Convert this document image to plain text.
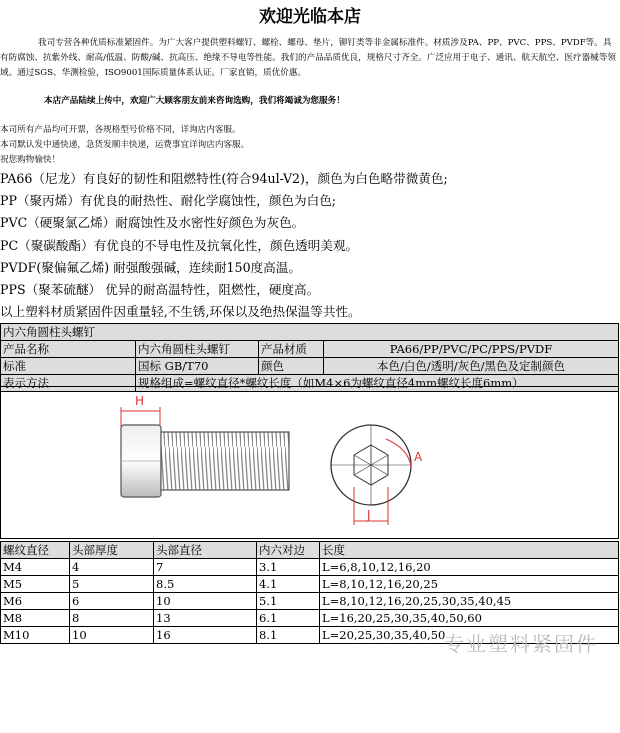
欢迎光临本店
我司专营各种优质标准紧固件。为广大客户提供塑料螺钉、螺栓、螺母、垫片，铆钉类等非金属标准件。材质涉及PA、PP、PVC、PPS、PVDF等。具有防腐蚀、抗紫外线、耐高/低温、防酸/碱、抗高压、绝缘不导电等性能。我们的产品品质优良，规格尺寸齐全。广泛应用于电子、通讯、航天航空、医疗器械等领域。通过SGS、华测检验，ISO9001国际质量体系认证。厂家直销，质优价惠。
本店产品陆续上传中，欢迎广大顾客朋友前来咨询选购，我们将竭诚为您服务！
本司所有产品均可开票，各规格型号价格不同，详询店内客服。
本司默认发中通快递，急货发顺丰快递，运费事宜详询店内客服。
祝您购物愉快！
PA66（尼龙）有良好的韧性和阻燃特性(符合94ul-V2)，颜色为白色略带微黄色;
PP（聚丙烯）有优良的耐热性、耐化学腐蚀性，颜色为白色;
PVC（硬聚氯乙烯）耐腐蚀性及水密性好颜色为灰色。
PC（聚碳酸酯）有优良的不导电性及抗氧化性，颜色透明美观。
PVDF(聚偏氟乙烯) 耐强酸强碱，连续耐150度高温。
PPS（聚苯硫醚） 优异的耐高温特性，阻燃性，硬度高。
以上塑料材质紧固件因重量轻,不生锈,环保以及绝热保温等共性。
内六角圆柱头螺钉			
产品名称	内六角圆柱头螺钉	产品材质	PA66/PP/PVC/PC/PPS/PVDF
标准	国标 GB/T70	颜色	本色/白色/透明/灰色/黑色及定制颜色
表示方法	规格组成=螺纹直径*螺纹长度（如M4×6为螺纹直径4mm螺纹长度6mm）		
H
J
A
螺纹直径	头部厚度	头部直径	内六对边	长度
M4	4	7	3.1	L=6,8,10,12,16,20
M5	5	8.5	4.1	L=8,10,12,16,20,25
M6	6	10	5.1	L=8,10,12,16,20,25,30,35,40,45
M8	8	13	6.1	L=16,20,25,30,35,40,50,60
M10	10	16	8.1	L=20,25,30,35,40,50
专业塑料紧固件
